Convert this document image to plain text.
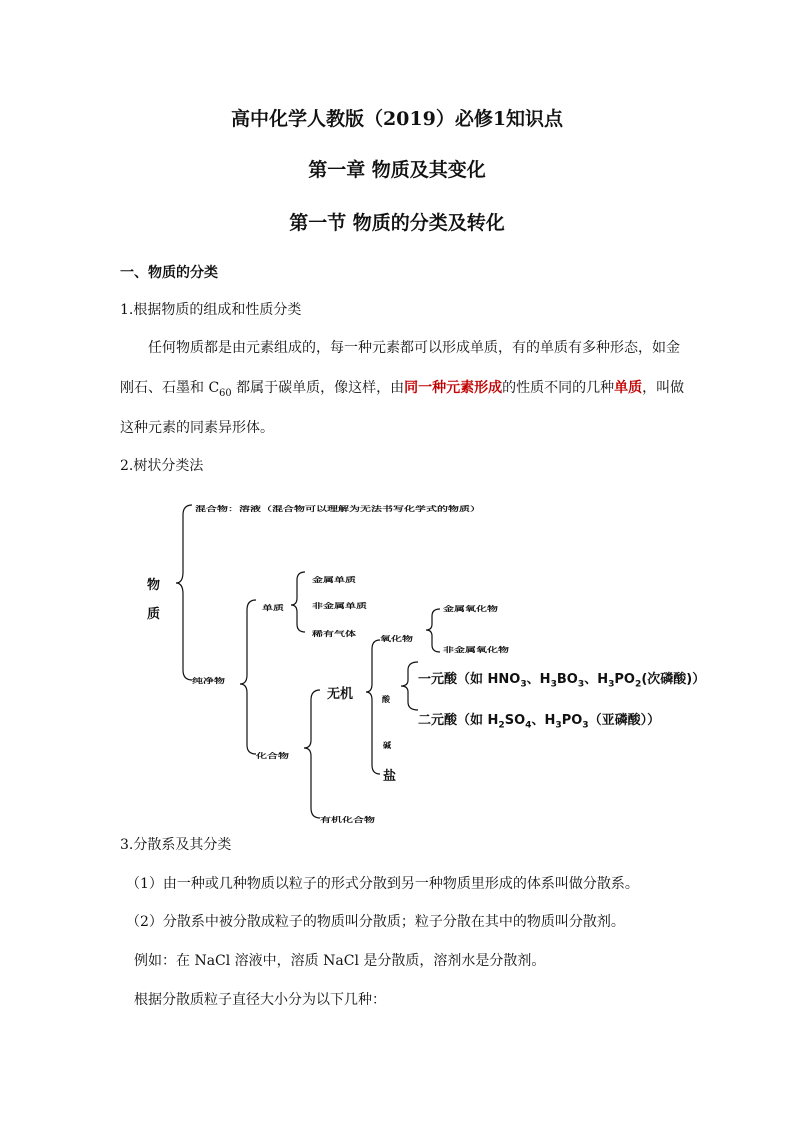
高中化学人教版（2019）必修1知识点
第一章 物质及其变化
第一节 物质的分类及转化
一、物质的分类
1.根据物质的组成和性质分类
任何物质都是由元素组成的，每一种元素都可以形成单质，有的单质有多种形态，如金
刚石、石墨和 $C_{60}$ 都属于碳单质，像这样，由同一种元素形成的性质不同的几种单质，叫做
这种元素的同素异形体。
2.树状分类法
物
质
混合物：溶液（混合物可以理解为无法书写化学式的物质）
纯净物
单质
金属单质
非金属单质
稀有气体
化合物
无机
有机化合物
氧化物
金属氧化物
非金属氧化物
酸
碱
盐
一元酸（如 $HNO_3$、$H_3BO_3$、$H_3PO_2$(次磷酸)）
二元酸（如 $H_2SO_4$、$H_3PO_3$（亚磷酸））
3.分散系及其分类
（1）由一种或几种物质以粒子的形式分散到另一种物质里形成的体系叫做分散系。
（2）分散系中被分散成粒子的物质叫分散质；粒子分散在其中的物质叫分散剂。
例如：在 NaCl 溶液中，溶质 NaCl 是分散质，溶剂水是分散剂。
根据分散质粒子直径大小分为以下几种：
